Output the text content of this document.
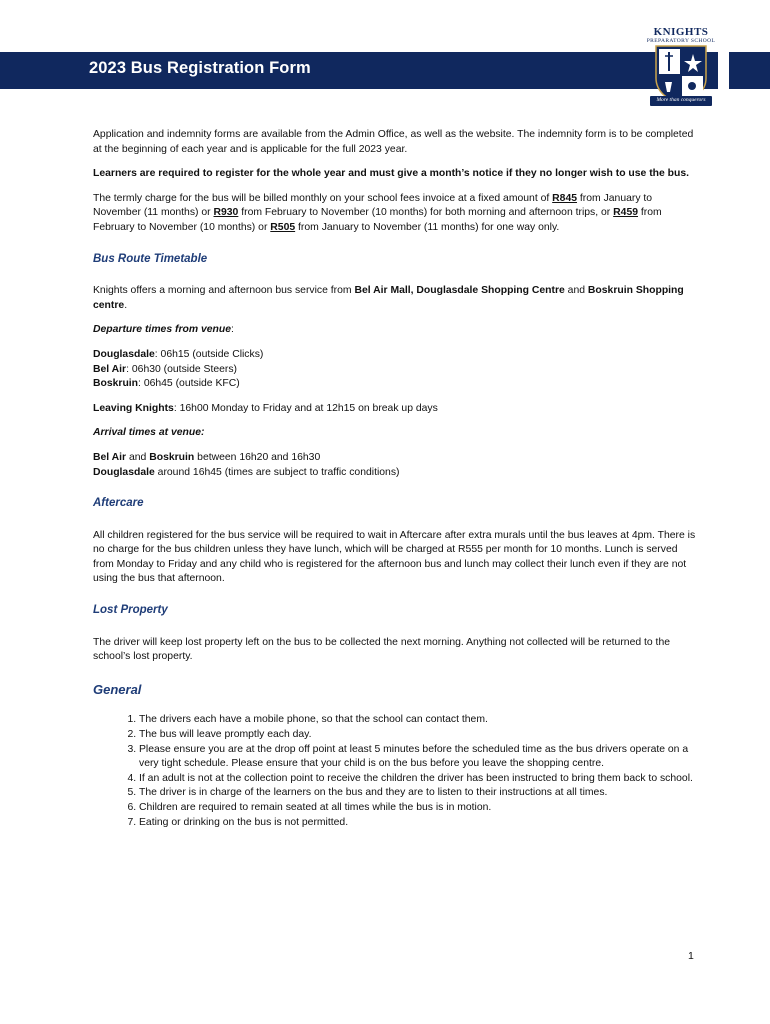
2023 Bus Registration Form
KNIGHTS
PREPARATORY SCHOOL
More than conquerors

Application and indemnity forms are available from the Admin Office, as well as the website. The indemnity form is to be completed at the beginning of each year and is applicable for the full 2023 year.

Learners are required to register for the whole year and must give a month’s notice if they no longer wish to use the bus.

The termly charge for the bus will be billed monthly on your school fees invoice at a fixed amount of R845 from January to November (11 months) or R930 from February to November (10 months) for both morning and afternoon trips, or R459 from February to November (10 months) or R505 from January to November (11 months) for one way only.

Bus Route Timetable

Knights offers a morning and afternoon bus service from Bel Air Mall, Douglasdale Shopping Centre and Boskruin Shopping centre.

Departure times from venue:

Douglasdale: 06h15 (outside Clicks)
Bel Air: 06h30 (outside Steers)
Boskruin: 06h45 (outside KFC)

Leaving Knights: 16h00 Monday to Friday and at 12h15 on break up days

Arrival times at venue:

Bel Air and Boskruin between 16h20 and 16h30
Douglasdale around 16h45 (times are subject to traffic conditions)

Aftercare

All children registered for the bus service will be required to wait in Aftercare after extra murals until the bus leaves at 4pm. There is no charge for the bus children unless they have lunch, which will be charged at R555 per month for 10 months. Lunch is served from Monday to Friday and any child who is registered for the afternoon bus and lunch may collect their lunch even if they are not using the bus that afternoon.

Lost Property

The driver will keep lost property left on the bus to be collected the next morning. Anything not collected will be returned to the school’s lost property.

General
1. The drivers each have a mobile phone, so that the school can contact them.
2. The bus will leave promptly each day.
3. Please ensure you are at the drop off point at least 5 minutes before the scheduled time as the bus drivers operate on a very tight schedule. Please ensure that your child is on the bus before you leave the shopping centre.
4. If an adult is not at the collection point to receive the children the driver has been instructed to bring them back to school.
5. The driver is in charge of the learners on the bus and they are to listen to their instructions at all times.
6. Children are required to remain seated at all times while the bus is in motion.
7. Eating or drinking on the bus is not permitted.
1
